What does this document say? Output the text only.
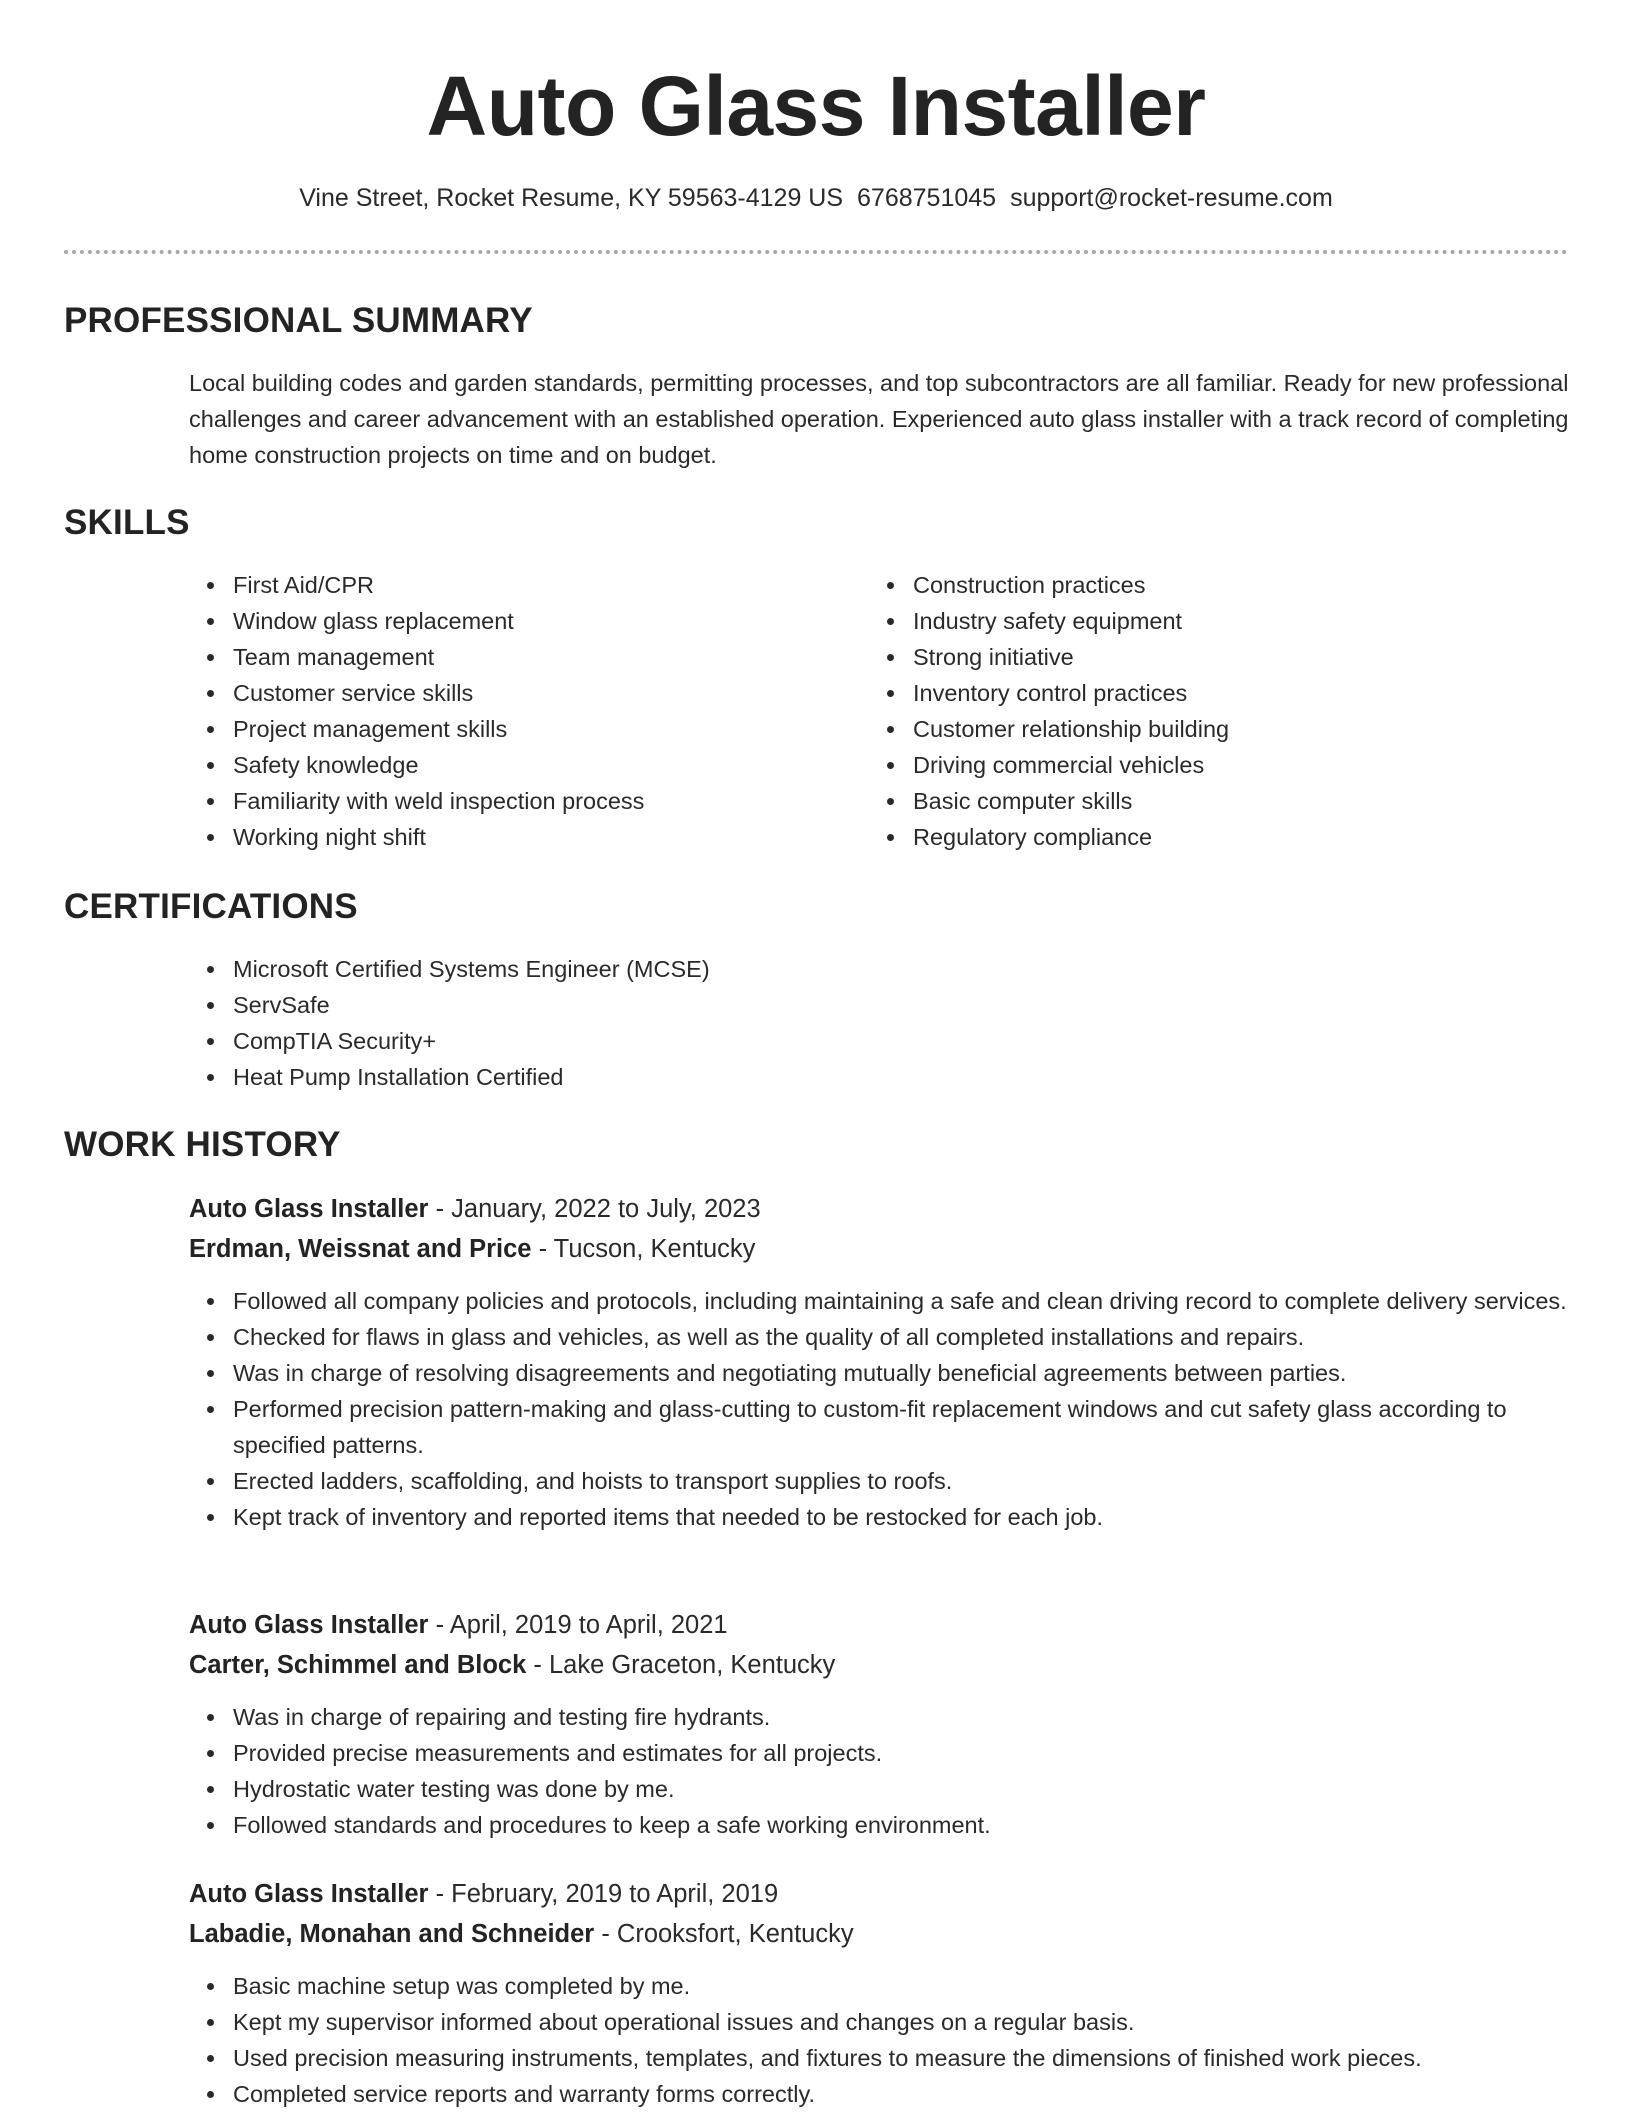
Auto Glass Installer
Vine Street, Rocket Resume, KY 59563-4129 US 6768751045 support@rocket-resume.com
PROFESSIONAL SUMMARY
Local building codes and garden standards, permitting processes, and top subcontractors are all familiar. Ready for new professional challenges and career advancement with an established operation. Experienced auto glass installer with a track record of completing home construction projects on time and on budget.
SKILLS
First Aid/CPR
Window glass replacement
Team management
Customer service skills
Project management skills
Safety knowledge
Familiarity with weld inspection process
Working night shift
Construction practices
Industry safety equipment
Strong initiative
Inventory control practices
Customer relationship building
Driving commercial vehicles
Basic computer skills
Regulatory compliance
CERTIFICATIONS
Microsoft Certified Systems Engineer (MCSE)
ServSafe
CompTIA Security+
Heat Pump Installation Certified
WORK HISTORY
Auto Glass Installer - January, 2022 to July, 2023
Erdman, Weissnat and Price - Tucson, Kentucky
Followed all company policies and protocols, including maintaining a safe and clean driving record to complete delivery services.
Checked for flaws in glass and vehicles, as well as the quality of all completed installations and repairs.
Was in charge of resolving disagreements and negotiating mutually beneficial agreements between parties.
Performed precision pattern-making and glass-cutting to custom-fit replacement windows and cut safety glass according to specified patterns.
Erected ladders, scaffolding, and hoists to transport supplies to roofs.
Kept track of inventory and reported items that needed to be restocked for each job.
Auto Glass Installer - April, 2019 to April, 2021
Carter, Schimmel and Block - Lake Graceton, Kentucky
Was in charge of repairing and testing fire hydrants.
Provided precise measurements and estimates for all projects.
Hydrostatic water testing was done by me.
Followed standards and procedures to keep a safe working environment.
Auto Glass Installer - February, 2019 to April, 2019
Labadie, Monahan and Schneider - Crooksfort, Kentucky
Basic machine setup was completed by me.
Kept my supervisor informed about operational issues and changes on a regular basis.
Used precision measuring instruments, templates, and fixtures to measure the dimensions of finished work pieces.
Completed service reports and warranty forms correctly.
